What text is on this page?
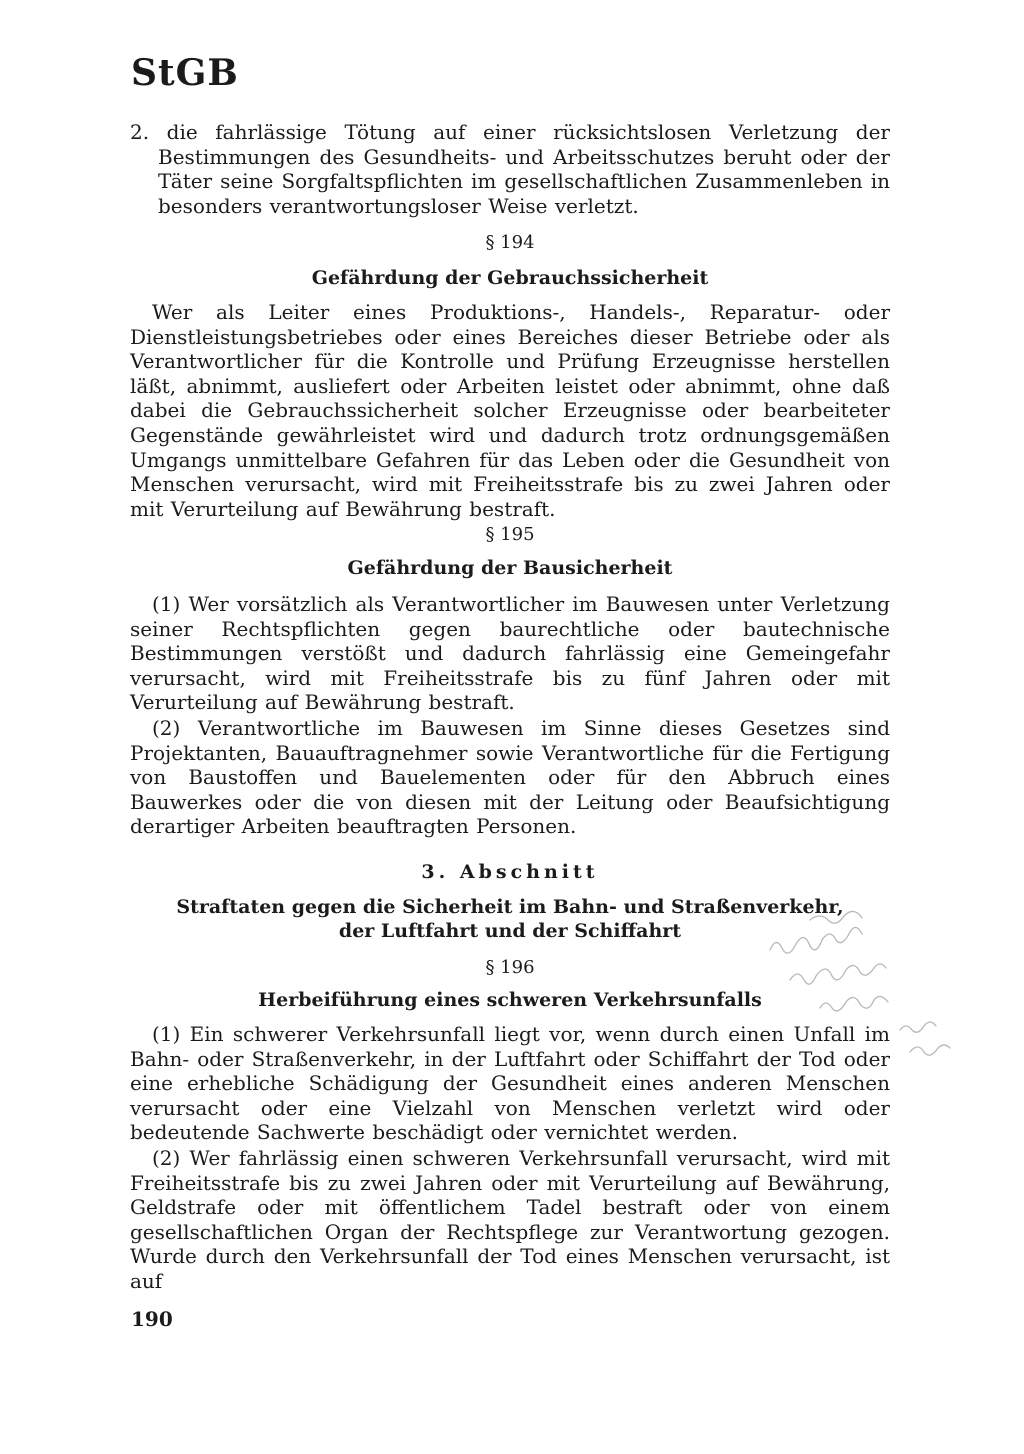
StGB
2. die fahrlässige Tötung auf einer rücksichtslosen Verletzung der Bestimmungen des Gesundheits- und Arbeitsschutzes beruht oder der Täter seine Sorgfaltspflichten im gesellschaftlichen Zusammenleben in besonders verantwortungsloser Weise verletzt.
§ 194
Gefährdung der Gebrauchssicherheit
Wer als Leiter eines Produktions-, Handels-, Reparatur- oder Dienstleistungsbetriebes oder eines Bereiches dieser Betriebe oder als Verantwortlicher für die Kontrolle und Prüfung Erzeugnisse herstellen läßt, abnimmt, ausliefert oder Arbeiten leistet oder abnimmt, ohne daß dabei die Gebrauchssicherheit solcher Erzeugnisse oder bearbeiteter Gegenstände gewährleistet wird und dadurch trotz ordnungsgemäßen Umgangs unmittelbare Gefahren für das Leben oder die Gesundheit von Menschen verursacht, wird mit Freiheitsstrafe bis zu zwei Jahren oder mit Verurteilung auf Bewährung bestraft.
§ 195
Gefährdung der Bausicherheit
(1) Wer vorsätzlich als Verantwortlicher im Bauwesen unter Verletzung seiner Rechtspflichten gegen baurechtliche oder bautechnische Bestimmungen verstößt und dadurch fahrlässig eine Gemeingefahr verursacht, wird mit Freiheitsstrafe bis zu fünf Jahren oder mit Verurteilung auf Bewährung bestraft.
(2) Verantwortliche im Bauwesen im Sinne dieses Gesetzes sind Projektanten, Bauauftragnehmer sowie Verantwortliche für die Fertigung von Baustoffen und Bauelementen oder für den Abbruch eines Bauwerkes oder die von diesen mit der Leitung oder Beaufsichtigung derartiger Arbeiten beauftragten Personen.
3. Abschnitt
Straftaten gegen die Sicherheit im Bahn- und Straßenverkehr,
der Luftfahrt und der Schiffahrt
§ 196
Herbeiführung eines schweren Verkehrsunfalls
(1) Ein schwerer Verkehrsunfall liegt vor, wenn durch einen Unfall im Bahn- oder Straßenverkehr, in der Luftfahrt oder Schiffahrt der Tod oder eine erhebliche Schädigung der Gesundheit eines anderen Menschen verursacht oder eine Vielzahl von Menschen verletzt wird oder bedeutende Sachwerte beschädigt oder vernichtet werden.
(2) Wer fahrlässig einen schweren Verkehrsunfall verursacht, wird mit Freiheitsstrafe bis zu zwei Jahren oder mit Verurteilung auf Bewährung, Geldstrafe oder mit öffentlichem Tadel bestraft oder von einem gesellschaftlichen Organ der Rechtspflege zur Verantwortung gezogen. Wurde durch den Verkehrsunfall der Tod eines Menschen verursacht, ist auf
190
